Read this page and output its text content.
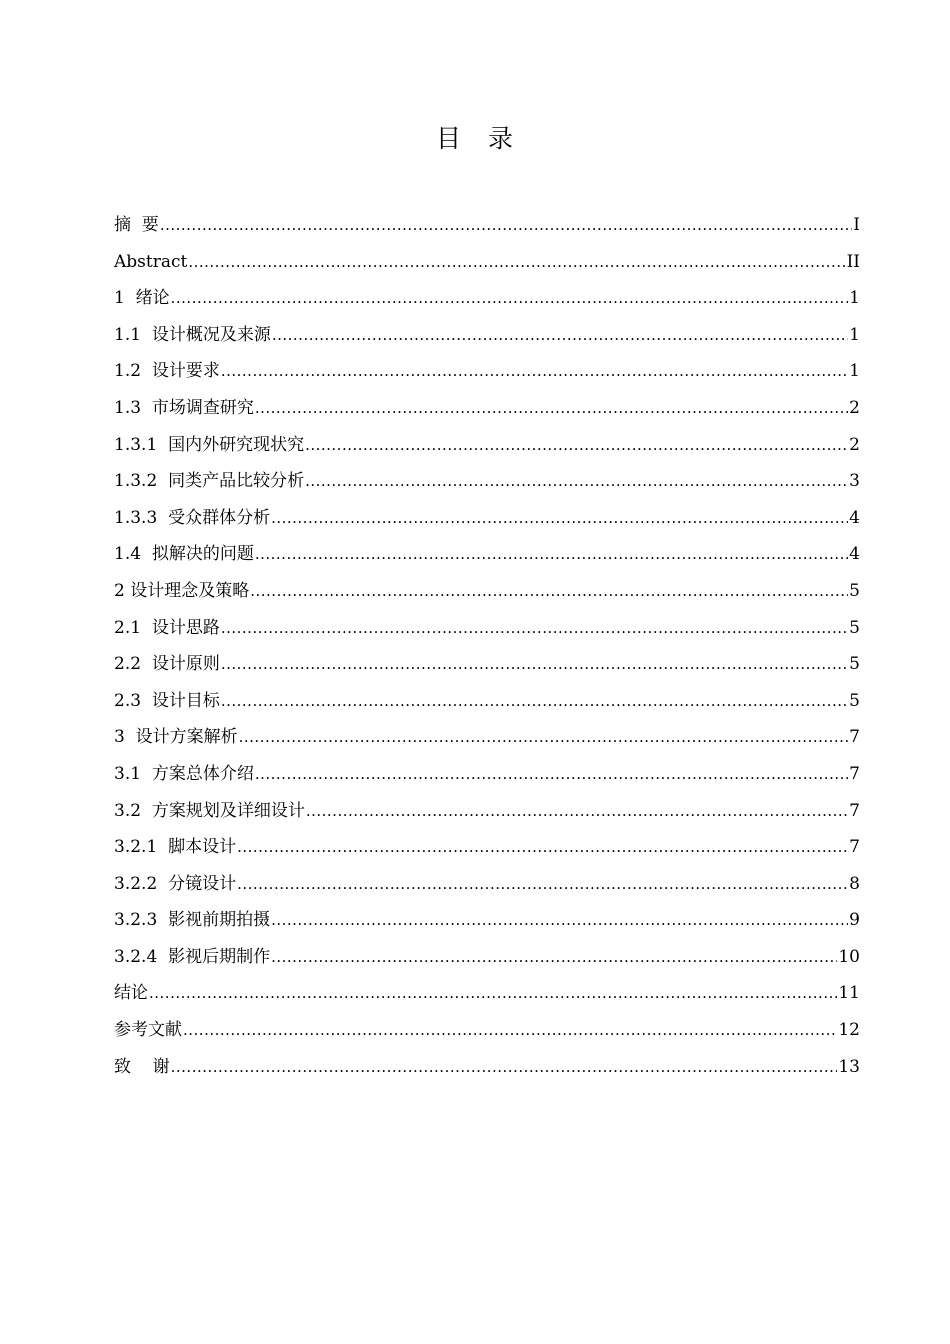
目　录
摘  要 .....	I
Abstract .....	II
1  绪论 .....	1
1.1  设计概况及来源 .....	1
1.2  设计要求 .....	1
1.3  市场调查研究 .....	2
1.3.1  国内外研究现状究 .....	2
1.3.2  同类产品比较分析 .....	3
1.3.3  受众群体分析 .....	4
1.4  拟解决的问题 .....	4
2 设计理念及策略 .....	5
2.1  设计思路 .....	5
2.2  设计原则 .....	5
2.3  设计目标 .....	5
3  设计方案解析 .....	7
3.1  方案总体介绍 .....	7
3.2  方案规划及详细设计 .....	7
3.2.1  脚本设计 .....	7
3.2.2  分镜设计 .....	8
3.2.3  影视前期拍摄 .....	9
3.2.4  影视后期制作 .....	10
结论 .....	11
参考文献 .....	12
致    谢 .....	13
